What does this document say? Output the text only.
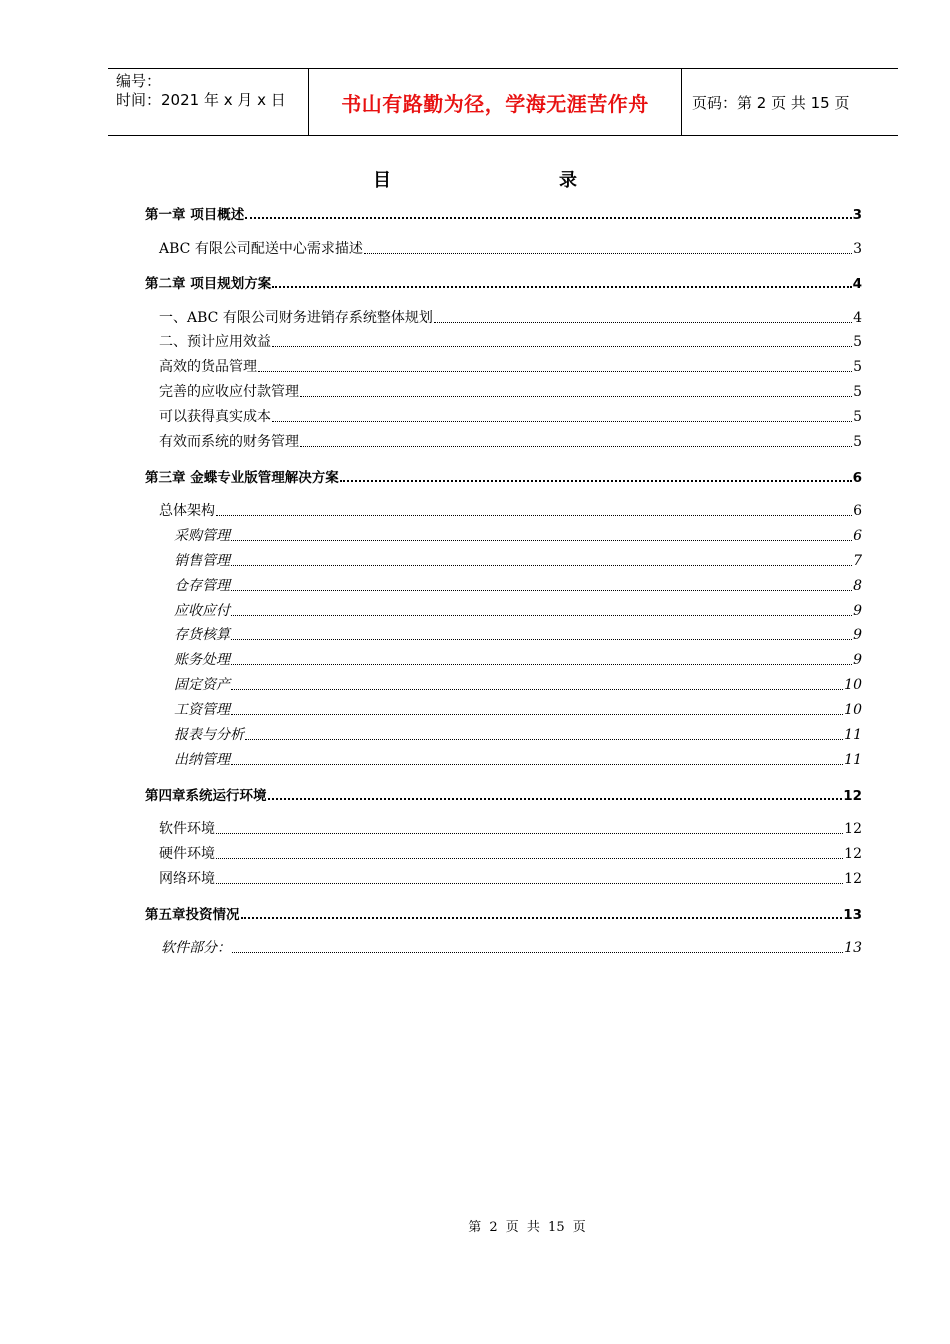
编号：
时间：2021 年 x 月 x 日	书山有路勤为径，学海无涯苦作舟	页码：第 2 页 共 15 页
目	录
第一章 项目概述	3
ABC 有限公司配送中心需求描述	3
第二章 项目规划方案	4
一、ABC 有限公司财务进销存系统整体规划	4
二、预计应用效益	5
高效的货品管理	5
完善的应收应付款管理	5
可以获得真实成本	5
有效而系统的财务管理	5
第三章 金蝶专业版管理解决方案	6
总体架构	6
采购管理	6
销售管理	7
仓存管理	8
应收应付	9
存货核算	9
账务处理	9
固定资产	10
工资管理	10
报表与分析	11
出纳管理	11
第四章系统运行环境	12
软件环境	12
硬件环境	12
网络环境	12
第五章投资情况	13
软件部分：	13
第 2 页 共 15 页
